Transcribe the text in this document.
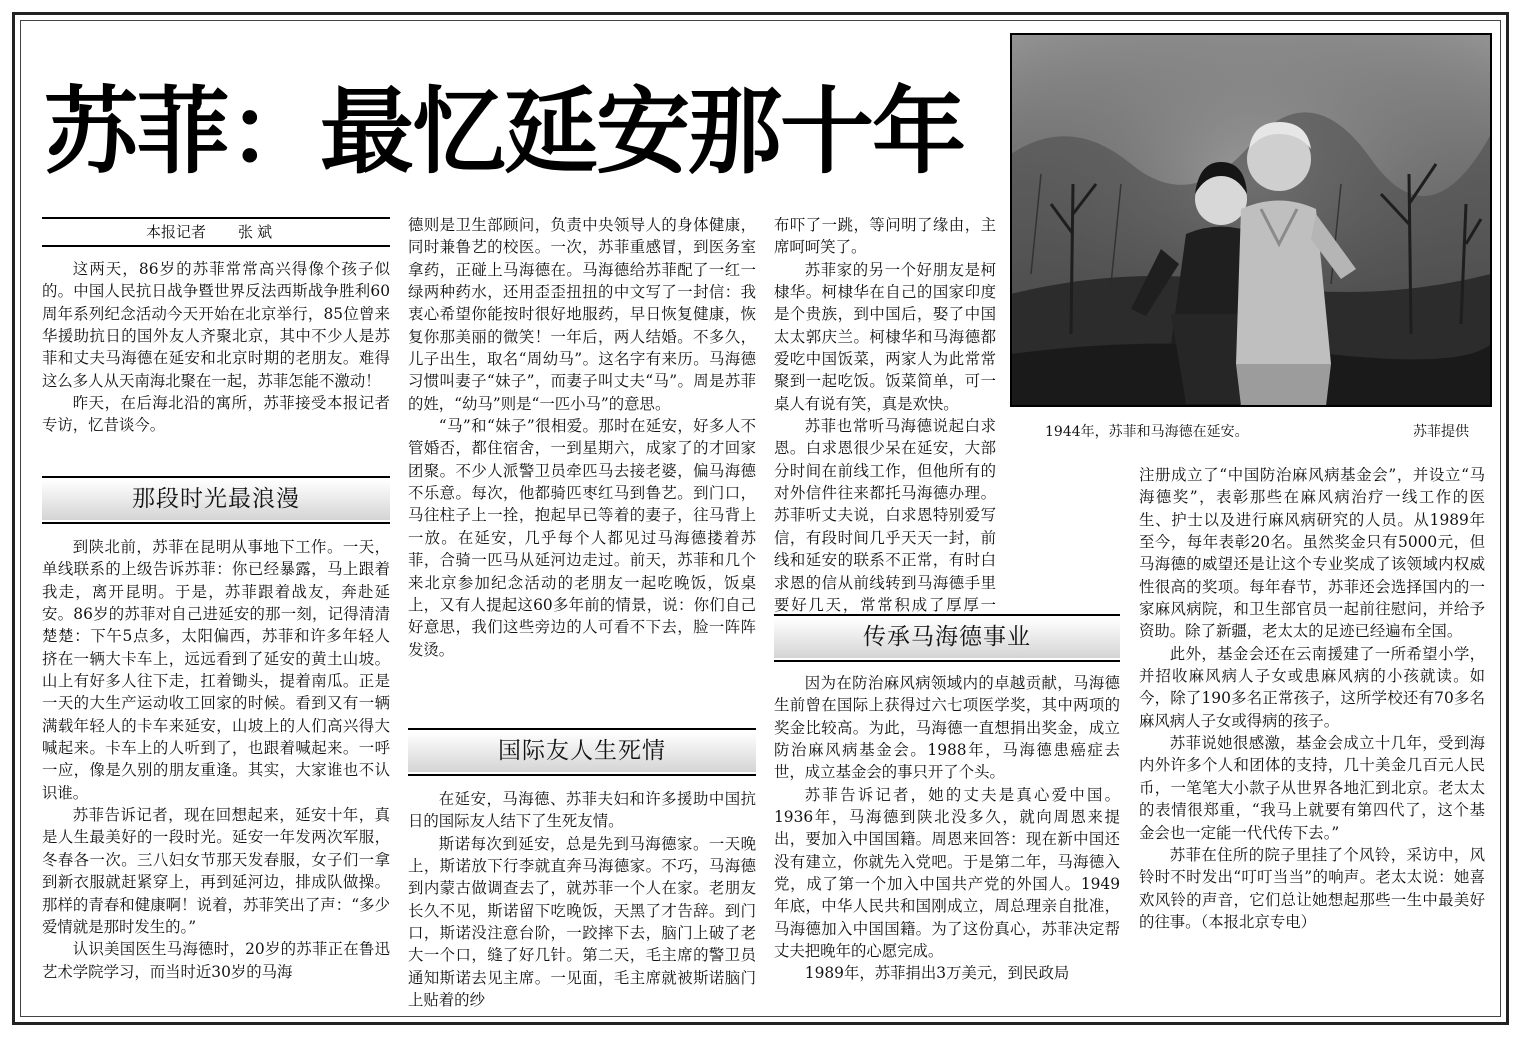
苏菲：最忆延安那十年
1944年，苏菲和马海德在延安。	苏菲提供
本报记者 张斌

这两天，86岁的苏菲常常高兴得像个孩子似的。中国人民抗日战争暨世界反法西斯战争胜利60周年系列纪念活动今天开始在北京举行，85位曾来华援助抗日的国外友人齐聚北京，其中不少人是苏菲和丈夫马海德在延安和北京时期的老朋友。难得这么多人从天南海北聚在一起，苏菲怎能不激动！

昨天，在后海北沿的寓所，苏菲接受本报记者专访，忆昔谈今。

那段时光最浪漫

到陕北前，苏菲在昆明从事地下工作。一天，单线联系的上级告诉苏菲：你已经暴露，马上跟着我走，离开昆明。于是，苏菲跟着战友，奔赴延安。86岁的苏菲对自己进延安的那一刻，记得清清楚楚：下午5点多，太阳偏西，苏菲和许多年轻人挤在一辆大卡车上，远远看到了延安的黄土山坡。山上有好多人往下走，扛着锄头，提着南瓜。正是一天的大生产运动收工回家的时候。看到又有一辆满载年轻人的卡车来延安，山坡上的人们高兴得大喊起来。卡车上的人听到了，也跟着喊起来。一呼一应，像是久别的朋友重逢。其实，大家谁也不认识谁。

苏菲告诉记者，现在回想起来，延安十年，真是人生最美好的一段时光。延安一年发两次军服，冬春各一次。三八妇女节那天发春服，女子们一拿到新衣服就赶紧穿上，再到延河边，排成队做操。那样的青春和健康啊！说着，苏菲笑出了声：“多少爱情就是那时发生的。”

认识美国医生马海德时，20岁的苏菲正在鲁迅艺术学院学习，而当时近30岁的马海

德则是卫生部顾问，负责中央领导人的身体健康，同时兼鲁艺的校医。一次，苏菲重感冒，到医务室拿药，正碰上马海德在。马海德给苏菲配了一红一绿两种药水，还用歪歪扭扭的中文写了一封信：我衷心希望你能按时很好地服药，早日恢复健康，恢复你那美丽的微笑！一年后，两人结婚。不多久，儿子出生，取名“周幼马”。这名字有来历。马海德习惯叫妻子“妹子”，而妻子叫丈夫“马”。周是苏菲的姓，“幼马”则是“一匹小马”的意思。

“马”和“妹子”很相爱。那时在延安，好多人不管婚否，都住宿舍，一到星期六，成家了的才回家团聚。不少人派警卫员牵匹马去接老婆，偏马海德不乐意。每次，他都骑匹枣红马到鲁艺。到门口，马往柱子上一拴，抱起早已等着的妻子，往马背上一放。在延安，几乎每个人都见过马海德搂着苏菲，合骑一匹马从延河边走过。前天，苏菲和几个来北京参加纪念活动的老朋友一起吃晚饭，饭桌上，又有人提起这60多年前的情景，说：你们自己好意思，我们这些旁边的人可看不下去，脸一阵阵发烫。

国际友人生死情

在延安，马海德、苏菲夫妇和许多援助中国抗日的国际友人结下了生死友情。

斯诺每次到延安，总是先到马海德家。一天晚上，斯诺放下行李就直奔马海德家。不巧，马海德到内蒙古做调查去了，就苏菲一个人在家。老朋友长久不见，斯诺留下吃晚饭，天黑了才告辞。到门口，斯诺没注意台阶，一跤摔下去，脑门上破了老大一个口，缝了好几针。第二天，毛主席的警卫员通知斯诺去见主席。一见面，毛主席就被斯诺脑门上贴着的纱

布吓了一跳，等问明了缘由，主席呵呵笑了。

苏菲家的另一个好朋友是柯棣华。柯棣华在自己的国家印度是个贵族，到中国后，娶了中国太太郭庆兰。柯棣华和马海德都爱吃中国饭菜，两家人为此常常聚到一起吃饭。饭菜简单，可一桌人有说有笑，真是欢快。

苏菲也常听马海德说起白求恩。白求恩很少呆在延安，大部分时间在前线工作，但他所有的对外信件往来都托马海德办理。苏菲听丈夫说，白求恩特别爱写信，有段时间几乎天天一封，前线和延安的联系不正常，有时白求恩的信从前线转到马海德手里要好几天，常常积成了厚厚一

传承马海德事业

因为在防治麻风病领域内的卓越贡献，马海德生前曾在国际上获得过六七项医学奖，其中两项的奖金比较高。为此，马海德一直想捐出奖金，成立防治麻风病基金会。1988年，马海德患癌症去世，成立基金会的事只开了个头。

苏菲告诉记者，她的丈夫是真心爱中国。1936年，马海德到陕北没多久，就向周恩来提出，要加入中国国籍。周恩来回答：现在新中国还没有建立，你就先入党吧。于是第二年，马海德入党，成了第一个加入中国共产党的外国人。1949年底，中华人民共和国刚成立，周总理亲自批准，马海德加入中国国籍。为了这份真心，苏菲决定帮丈夫把晚年的心愿完成。

1989年，苏菲捐出3万美元，到民政局

注册成立了“中国防治麻风病基金会”，并设立“马海德奖”，表彰那些在麻风病治疗一线工作的医生、护士以及进行麻风病研究的人员。从1989年至今，每年表彰20名。虽然奖金只有5000元，但马海德的威望还是让这个专业奖成了该领域内权威性很高的奖项。每年春节，苏菲还会选择国内的一家麻风病院，和卫生部官员一起前往慰问，并给予资助。除了新疆，老太太的足迹已经遍布全国。

此外，基金会还在云南援建了一所希望小学，并招收麻风病人子女或患麻风病的小孩就读。如今，除了190多名正常孩子，这所学校还有70多名麻风病人子女或得病的孩子。

苏菲说她很感激，基金会成立十几年，受到海内外许多个人和团体的支持，几十美金几百元人民币，一笔笔大小款子从世界各地汇到北京。老太太的表情很郑重，“我马上就要有第四代了，这个基金会也一定能一代代传下去。”

苏菲在住所的院子里挂了个风铃，采访中，风铃时不时发出“叮叮当当”的响声。老太太说：她喜欢风铃的声音，它们总让她想起那些一生中最美好的往事。（本报北京专电）
